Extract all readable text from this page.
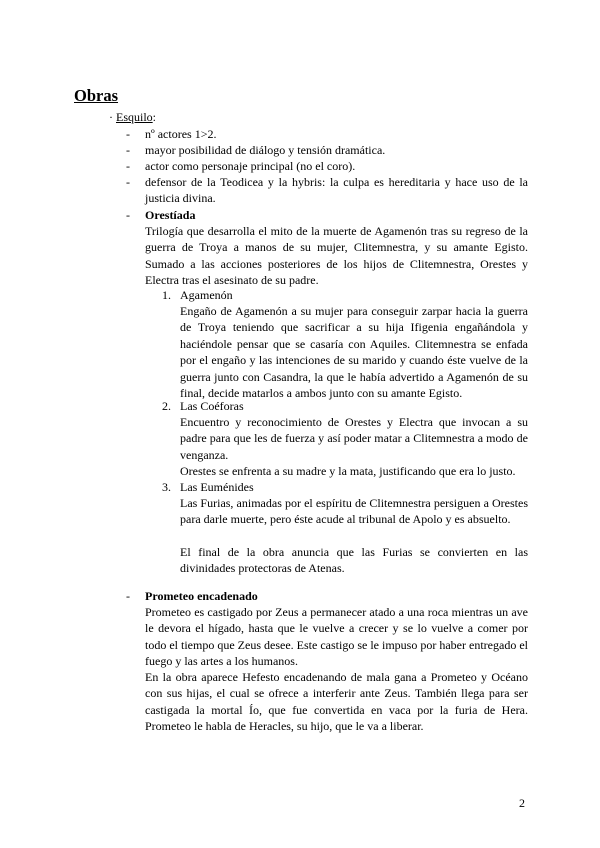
Obras
· Esquilo:
- nº actores 1>2.
- mayor posibilidad de diálogo y tensión dramática.
- actor como personaje principal (no el coro).
- defensor de la Teodicea y la hybris: la culpa es hereditaria y hace uso de la justicia divina.
- Orestíada
Trilogía que desarrolla el mito de la muerte de Agamenón tras su regreso de la guerra de Troya a manos de su mujer, Clitemnestra, y su amante Egisto. Sumado a las acciones posteriores de los hijos de Clitemnestra, Orestes y Electra tras el asesinato de su padre.
1. Agamenón
Engaño de Agamenón a su mujer para conseguir zarpar hacia la guerra de Troya teniendo que sacrificar a su hija Ifigenia engañándola y haciéndole pensar que se casaría con Aquiles. Clitemnestra se enfada por el engaño y las intenciones de su marido y cuando éste vuelve de la guerra junto con Casandra, la que le había advertido a Agamenón de su final, decide matarlos a ambos junto con su amante Egisto.
2. Las Coéforas
Encuentro y reconocimiento de Orestes y Electra que invocan a su padre para que les de fuerza y así poder matar a Clitemnestra a modo de venganza.
Orestes se enfrenta a su madre y la mata, justificando que era lo justo.
3. Las Euménides
Las Furias, animadas por el espíritu de Clitemnestra persiguen a Orestes para darle muerte, pero éste acude al tribunal de Apolo y es absuelto.
El final de la obra anuncia que las Furias se convierten en las divinidades protectoras de Atenas.
- Prometeo encadenado
Prometeo es castigado por Zeus a permanecer atado a una roca mientras un ave le devora el hígado, hasta que le vuelve a crecer y se lo vuelve a comer por todo el tiempo que Zeus desee. Este castigo se le impuso por haber entregado el fuego y las artes a los humanos.
En la obra aparece Hefesto encadenando de mala gana a Prometeo y Océano con sus hijas, el cual se ofrece a interferir ante Zeus. También llega para ser castigada la mortal Ío, que fue convertida en vaca por la furia de Hera. Prometeo le habla de Heracles, su hijo, que le va a liberar.
2
